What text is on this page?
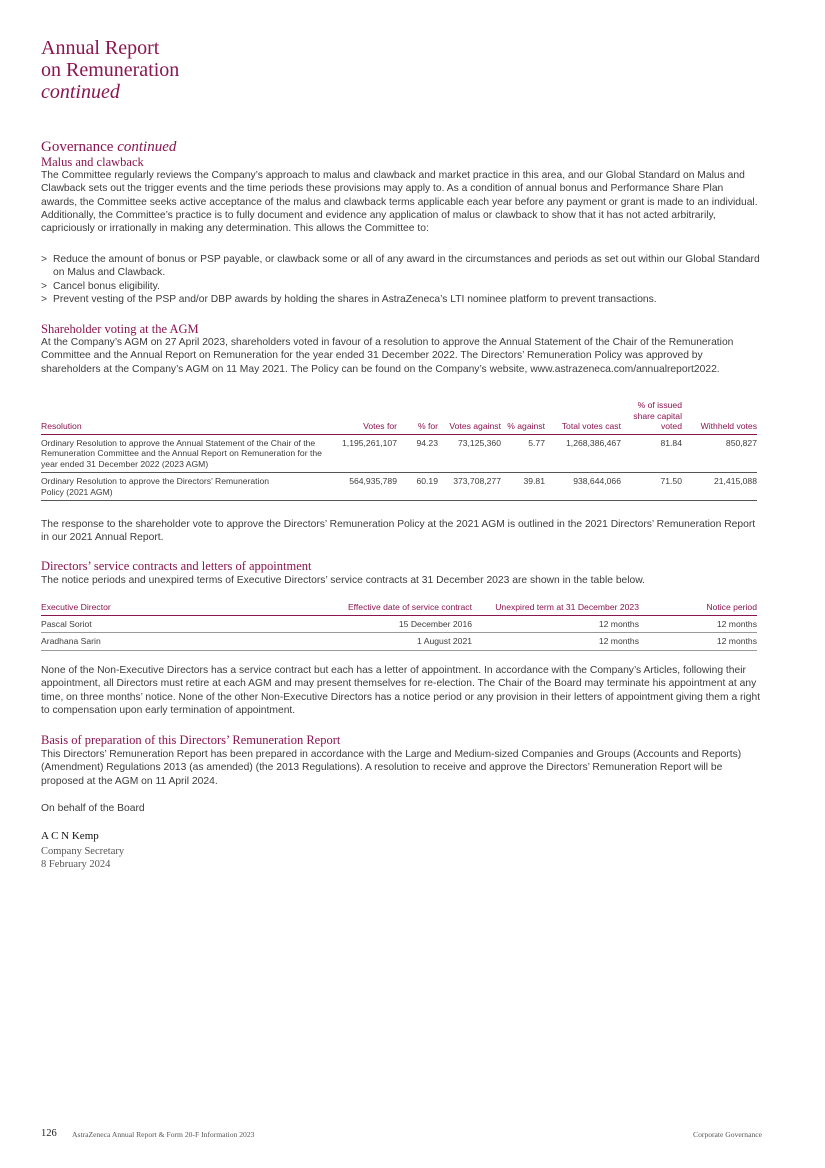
Annual Report
on Remuneration
continued
Governance continued
Malus and clawback
The Committee regularly reviews the Company’s approach to malus and clawback and market practice in this area, and our Global Standard on Malus and Clawback sets out the trigger events and the time periods these provisions may apply to. As a condition of annual bonus and Performance Share Plan awards, the Committee seeks active acceptance of the malus and clawback terms applicable each year before any payment or grant is made to an individual. Additionally, the Committee’s practice is to fully document and evidence any application of malus or clawback to show that it has not acted arbitrarily, capriciously or irrationally in making any determination. This allows the Committee to:
> Reduce the amount of bonus or PSP payable, or clawback some or all of any award in the circumstances and periods as set out within our Global Standard on Malus and Clawback.
> Cancel bonus eligibility.
> Prevent vesting of the PSP and/or DBP awards by holding the shares in AstraZeneca’s LTI nominee platform to prevent transactions.
Shareholder voting at the AGM
At the Company’s AGM on 27 April 2023, shareholders voted in favour of a resolution to approve the Annual Statement of the Chair of the Remuneration Committee and the Annual Report on Remuneration for the year ended 31 December 2022. The Directors’ Remuneration Policy was approved by shareholders at the Company’s AGM on 11 May 2021. The Policy can be found on the Company’s website, www.astrazeneca.com/annualreport2022.
Resolution	Votes for	% for	Votes against	% against	Total votes cast	% of issued share capital voted	Withheld votes
Ordinary Resolution to approve the Annual Statement of the Chair of the Remuneration Committee and the Annual Report on Remuneration for the year ended 31 December 2022 (2023 AGM)	1,195,261,107	94.23	73,125,360	5.77	1,268,386,467	81.84	850,827
Ordinary Resolution to approve the Directors’ Remuneration Policy (2021 AGM)	564,935,789	60.19	373,708,277	39.81	938,644,066	71.50	21,415,088
The response to the shareholder vote to approve the Directors’ Remuneration Policy at the 2021 AGM is outlined in the 2021 Directors’ Remuneration Report in our 2021 Annual Report.
Directors’ service contracts and letters of appointment
The notice periods and unexpired terms of Executive Directors’ service contracts at 31 December 2023 are shown in the table below.
Executive Director	Effective date of service contract	Unexpired term at 31 December 2023	Notice period
Pascal Soriot	15 December 2016	12 months	12 months
Aradhana Sarin	1 August 2021	12 months	12 months
None of the Non-Executive Directors has a service contract but each has a letter of appointment. In accordance with the Company’s Articles, following their appointment, all Directors must retire at each AGM and may present themselves for re-election. The Chair of the Board may terminate his appointment at any time, on three months’ notice. None of the other Non-Executive Directors has a notice period or any provision in their letters of appointment giving them a right to compensation upon early termination of appointment.
Basis of preparation of this Directors’ Remuneration Report
This Directors’ Remuneration Report has been prepared in accordance with the Large and Medium-sized Companies and Groups (Accounts and Reports) (Amendment) Regulations 2013 (as amended) (the 2013 Regulations). A resolution to receive and approve the Directors’ Remuneration Report will be proposed at the AGM on 11 April 2024.
On behalf of the Board
A C N Kemp
Company Secretary
8 February 2024
126 AstraZeneca Annual Report & Form 20-F Information 2023	Corporate Governance
